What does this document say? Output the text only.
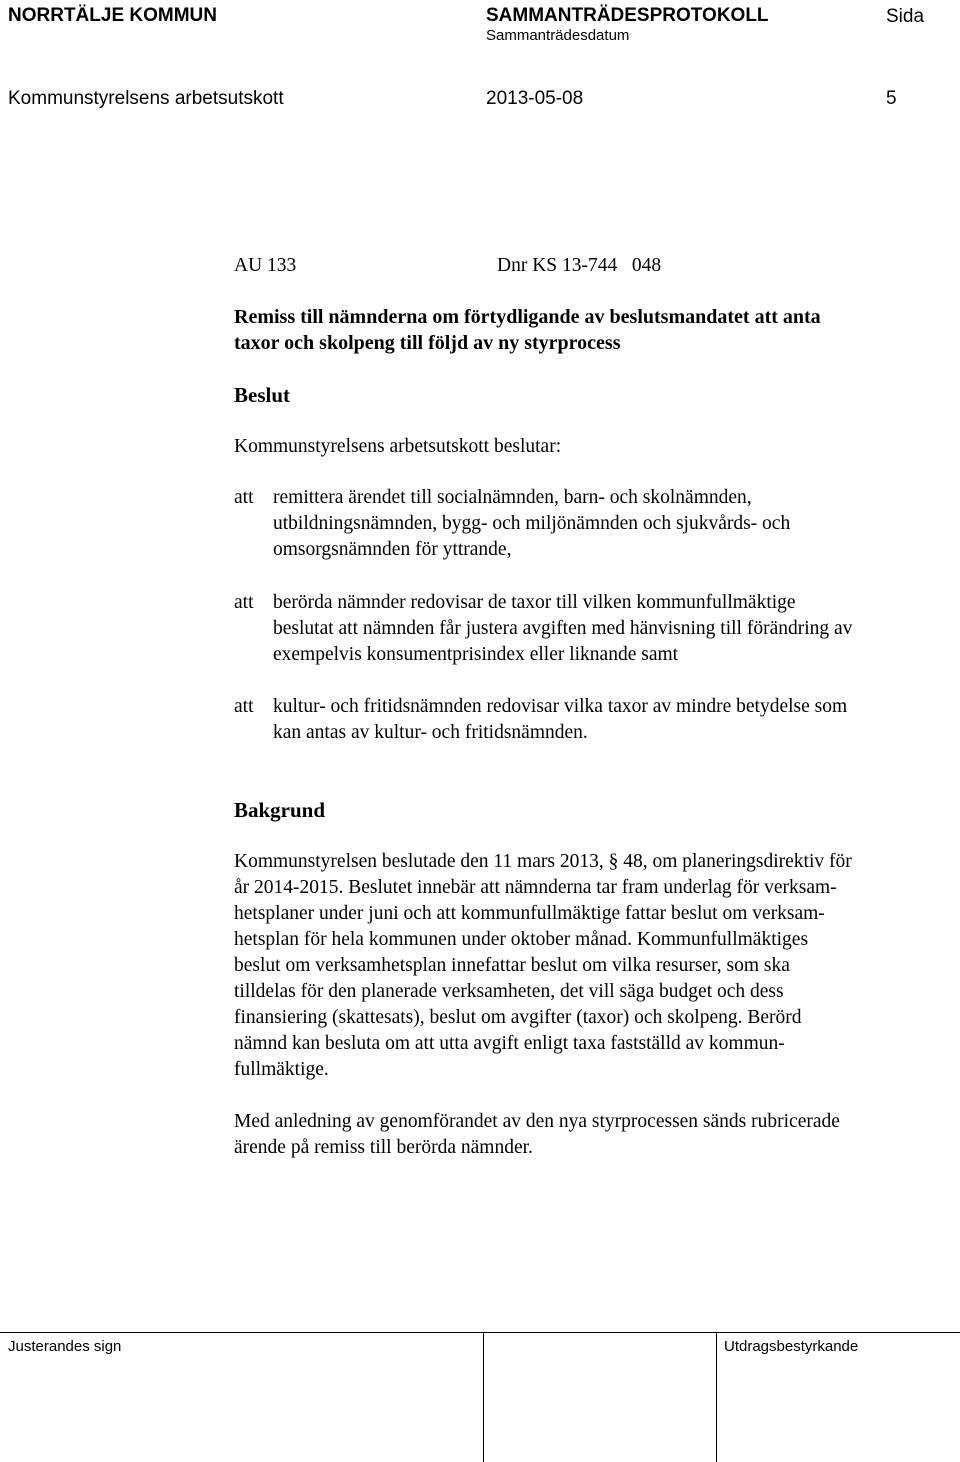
NORRTÄLJE KOMMUN	SAMMANTRÄDESPROTOKOLL
Sammanträdesdatum
Sida
Kommunstyrelsens arbetsutskott	2013-05-08	5
AU 133	Dnr KS 13-744   048
Remiss till nämnderna om förtydligande av beslutsmandatet att anta
taxor och skolpeng till följd av ny styrprocess
Beslut
Kommunstyrelsens arbetsutskott beslutar:
att remittera ärendet till socialnämnden, barn- och skolnämnden,
utbildningsnämnden, bygg- och miljönämnden och sjukvårds- och
omsorgsnämnden för yttrande,
att berörda nämnder redovisar de taxor till vilken kommunfullmäktige
beslutat att nämnden får justera avgiften med hänvisning till förändring av
exempelvis konsumentprisindex eller liknande samt
att kultur- och fritidsnämnden redovisar vilka taxor av mindre betydelse som
kan antas av kultur- och fritidsnämnden.
Bakgrund
Kommunstyrelsen beslutade den 11 mars 2013, § 48, om planeringsdirektiv för
år 2014-2015. Beslutet innebär att nämnderna tar fram underlag för verksam-
hetsplaner under juni och att kommunfullmäktige fattar beslut om verksam-
hetsplan för hela kommunen under oktober månad. Kommunfullmäktiges
beslut om verksamhetsplan innefattar beslut om vilka resurser, som ska
tilldelas för den planerade verksamheten, det vill säga budget och dess
finansiering (skattesats), beslut om avgifter (taxor) och skolpeng. Berörd
nämnd kan besluta om att utta avgift enligt taxa fastställd av kommun-
fullmäktige.
Med anledning av genomförandet av den nya styrprocessen sänds rubricerade
ärende på remiss till berörda nämnder.
Justerandes sign	Utdragsbestyrkande
